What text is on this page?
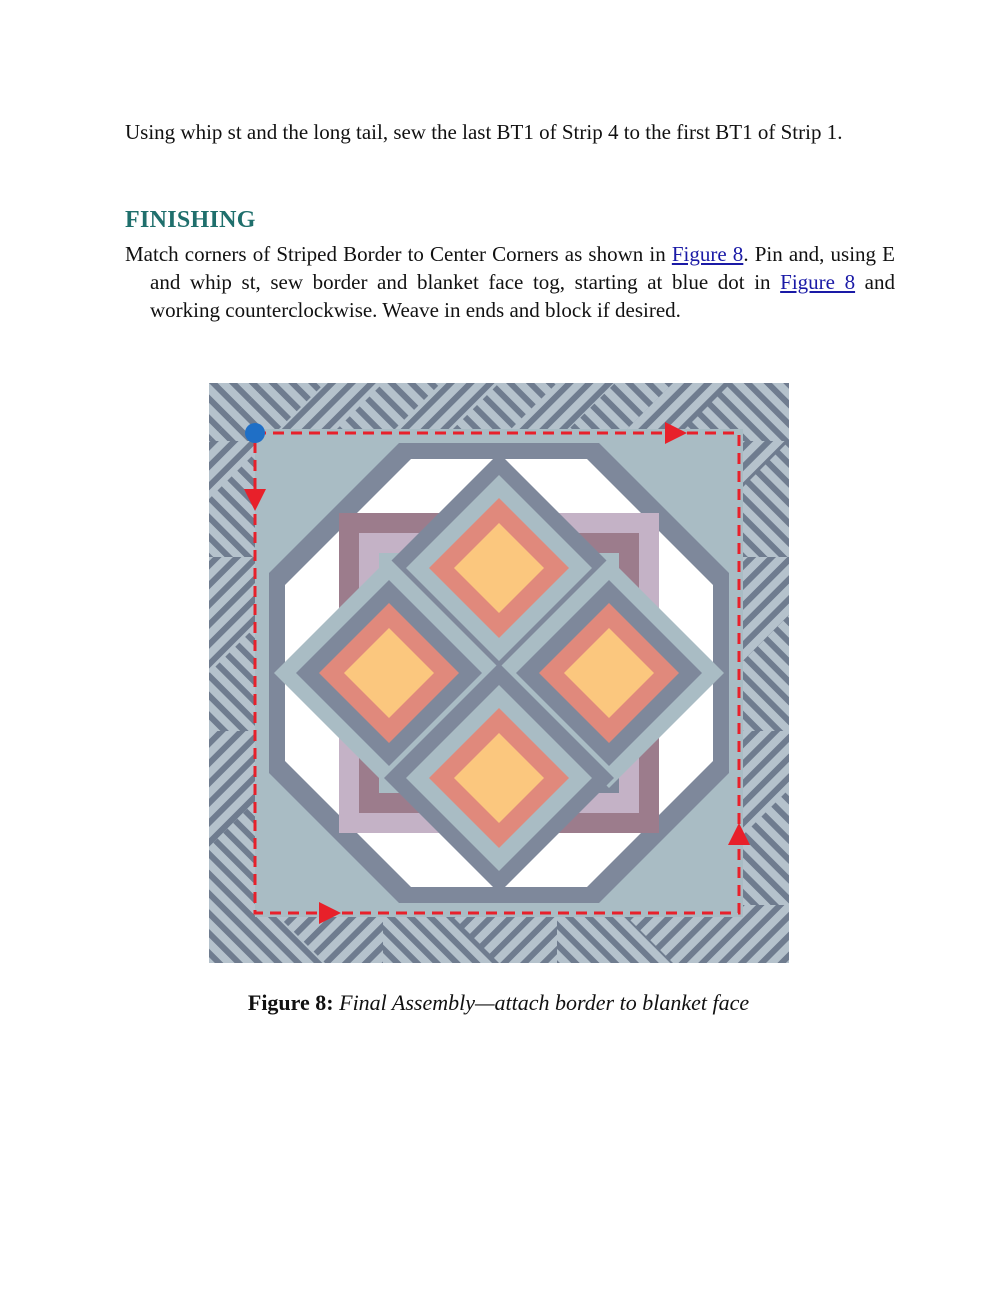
Using whip st and the long tail, sew the last BT1 of Strip 4 to the first BT1 of Strip 1.

FINISHING

Match corners of Striped Border to Center Corners as shown in Figure 8. Pin and, using E and whip st, sew border and blanket face tog, starting at blue dot in Figure 8 and working counterclockwise. Weave in ends and block if desired.

Figure 8: Final Assembly—attach border to blanket face
